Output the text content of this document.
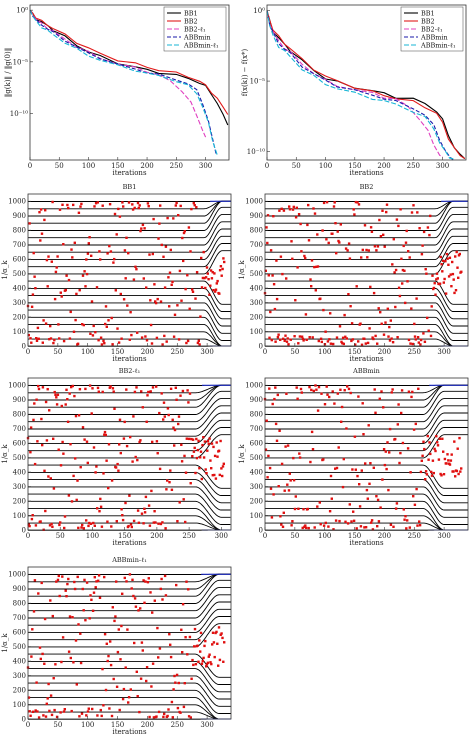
0	50	100 150 200 250 300
10⁰
10⁻⁵
10⁻¹⁰
iterations
‖g(k)‖ / ‖g(0)‖
BB1
BB2
BB2-ℓ₁
ABBmin
ABBmin-ℓ₁
0	50	100 150 200 250 300
10⁰
10⁻⁵
10⁻¹⁰
iterations
f(x(k)) − f(x*)
BB1
BB2
BB2-ℓ₁
ABBmin
ABBmin-ℓ₁
BB1
0	50	100 150 200 250 300
0
100
200
300
400
500
600
700
800
900
1000
iterations
1/α_k
BB2
0	50	100 150 200 250 300
0
100
200
300
400
500
600
700
800
900
1000
iterations
1/α_k
BB2-ℓ₁
0	50	100	150	200	250	300
0
100
200
300
400
500
600
700
800
900
1000
iterations
1/α_k
ABBmin
0	50	100 150 200 250 300
0
100
200
300
400
500
600
700
800
900
1000
iterations
1/α_k
ABBmin-ℓ₁
0	50	100 150 200 250 300
0
100
200
300
400
500
600
700
800
900
1000
iterations
1/α_k
